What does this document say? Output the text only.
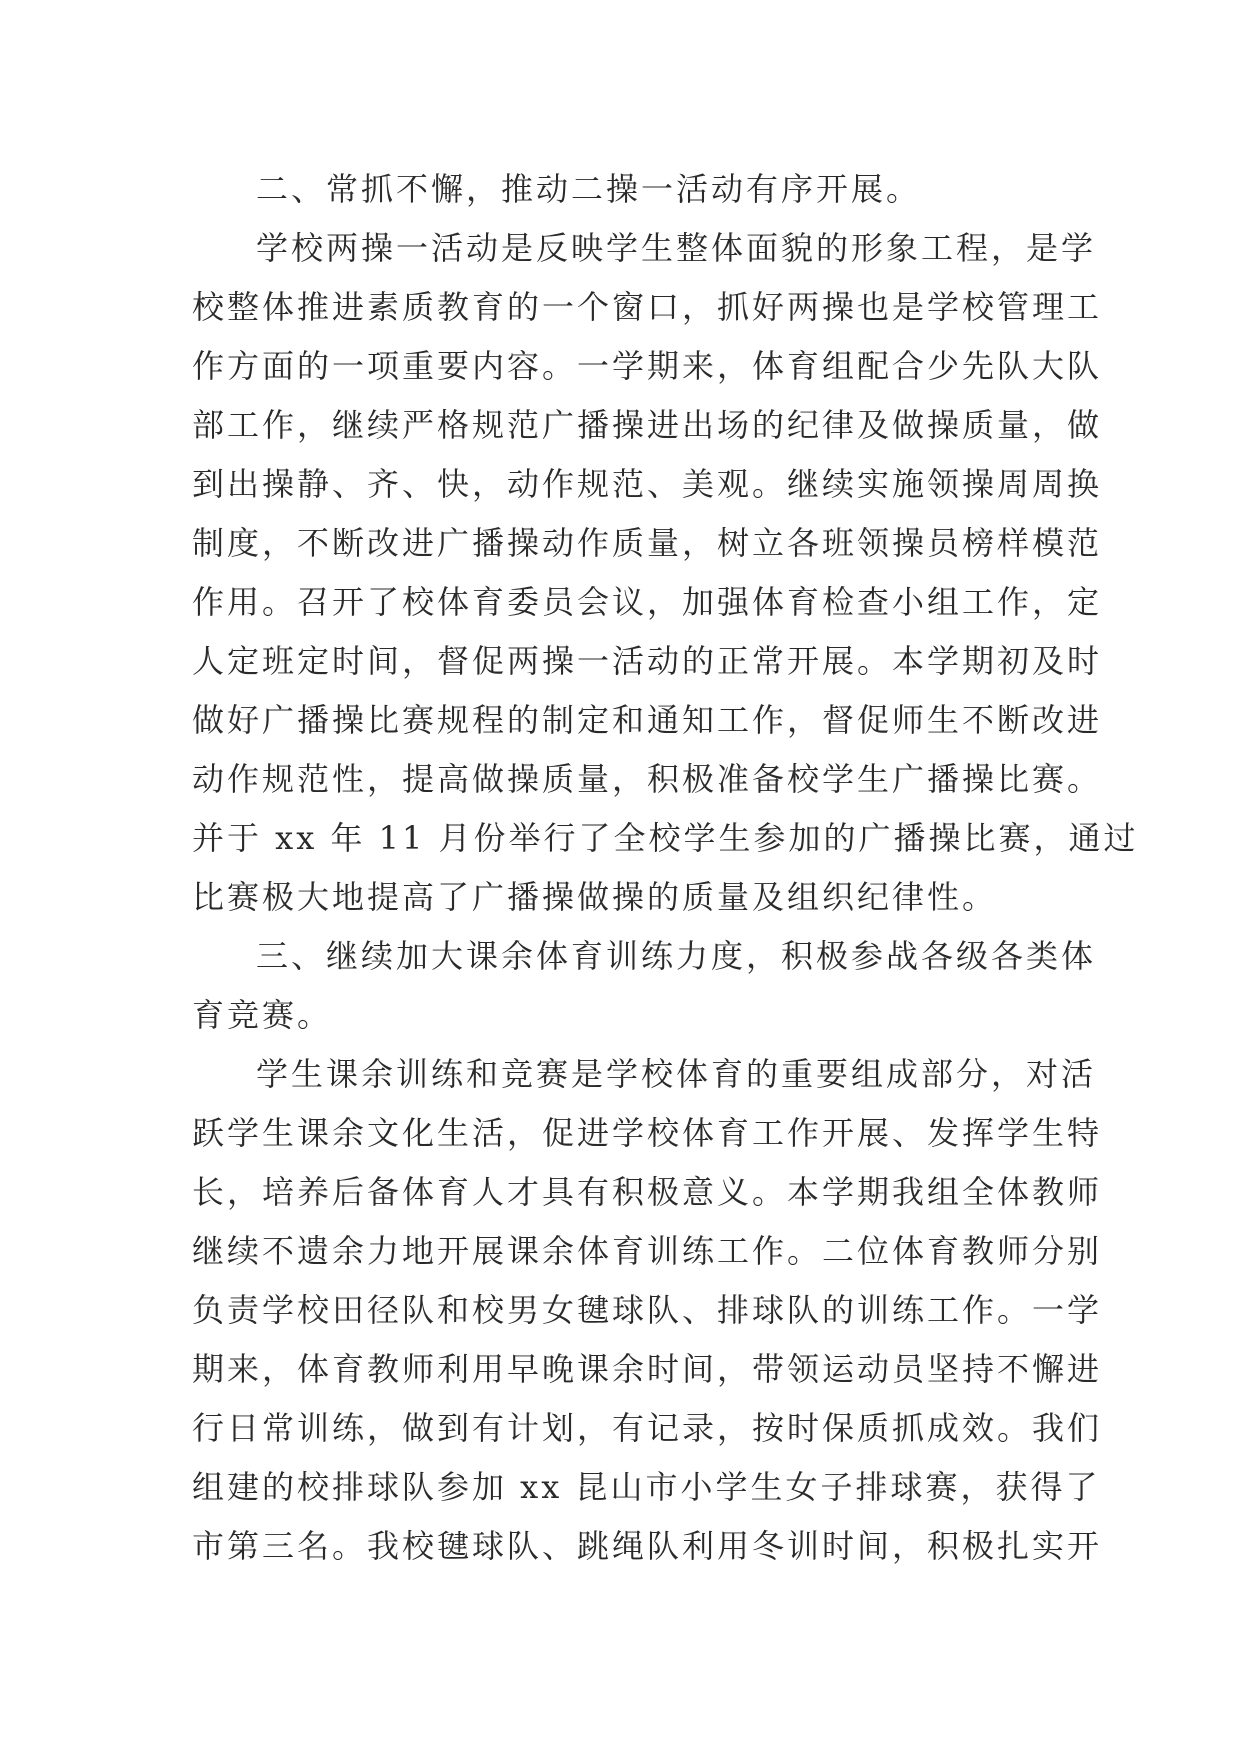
二、常抓不懈，推动二操一活动有序开展。
学校两操一活动是反映学生整体面貌的形象工程，是学
校整体推进素质教育的一个窗口，抓好两操也是学校管理工
作方面的一项重要内容。一学期来，体育组配合少先队大队
部工作，继续严格规范广播操进出场的纪律及做操质量，做
到出操静、齐、快，动作规范、美观。继续实施领操周周换
制度，不断改进广播操动作质量，树立各班领操员榜样模范
作用。召开了校体育委员会议，加强体育检查小组工作，定
人定班定时间，督促两操一活动的正常开展。本学期初及时
做好广播操比赛规程的制定和通知工作，督促师生不断改进
动作规范性，提高做操质量，积极准备校学生广播操比赛。
并于 xx 年 11 月份举行了全校学生参加的广播操比赛，通过
比赛极大地提高了广播操做操的质量及组织纪律性。
三、继续加大课余体育训练力度，积极参战各级各类体
育竞赛。
学生课余训练和竞赛是学校体育的重要组成部分，对活
跃学生课余文化生活，促进学校体育工作开展、发挥学生特
长，培养后备体育人才具有积极意义。本学期我组全体教师
继续不遗余力地开展课余体育训练工作。二位体育教师分别
负责学校田径队和校男女毽球队、排球队的训练工作。一学
期来，体育教师利用早晚课余时间，带领运动员坚持不懈进
行日常训练，做到有计划，有记录，按时保质抓成效。我们
组建的校排球队参加 xx 昆山市小学生女子排球赛，获得了
市第三名。我校毽球队、跳绳队利用冬训时间，积极扎实开
